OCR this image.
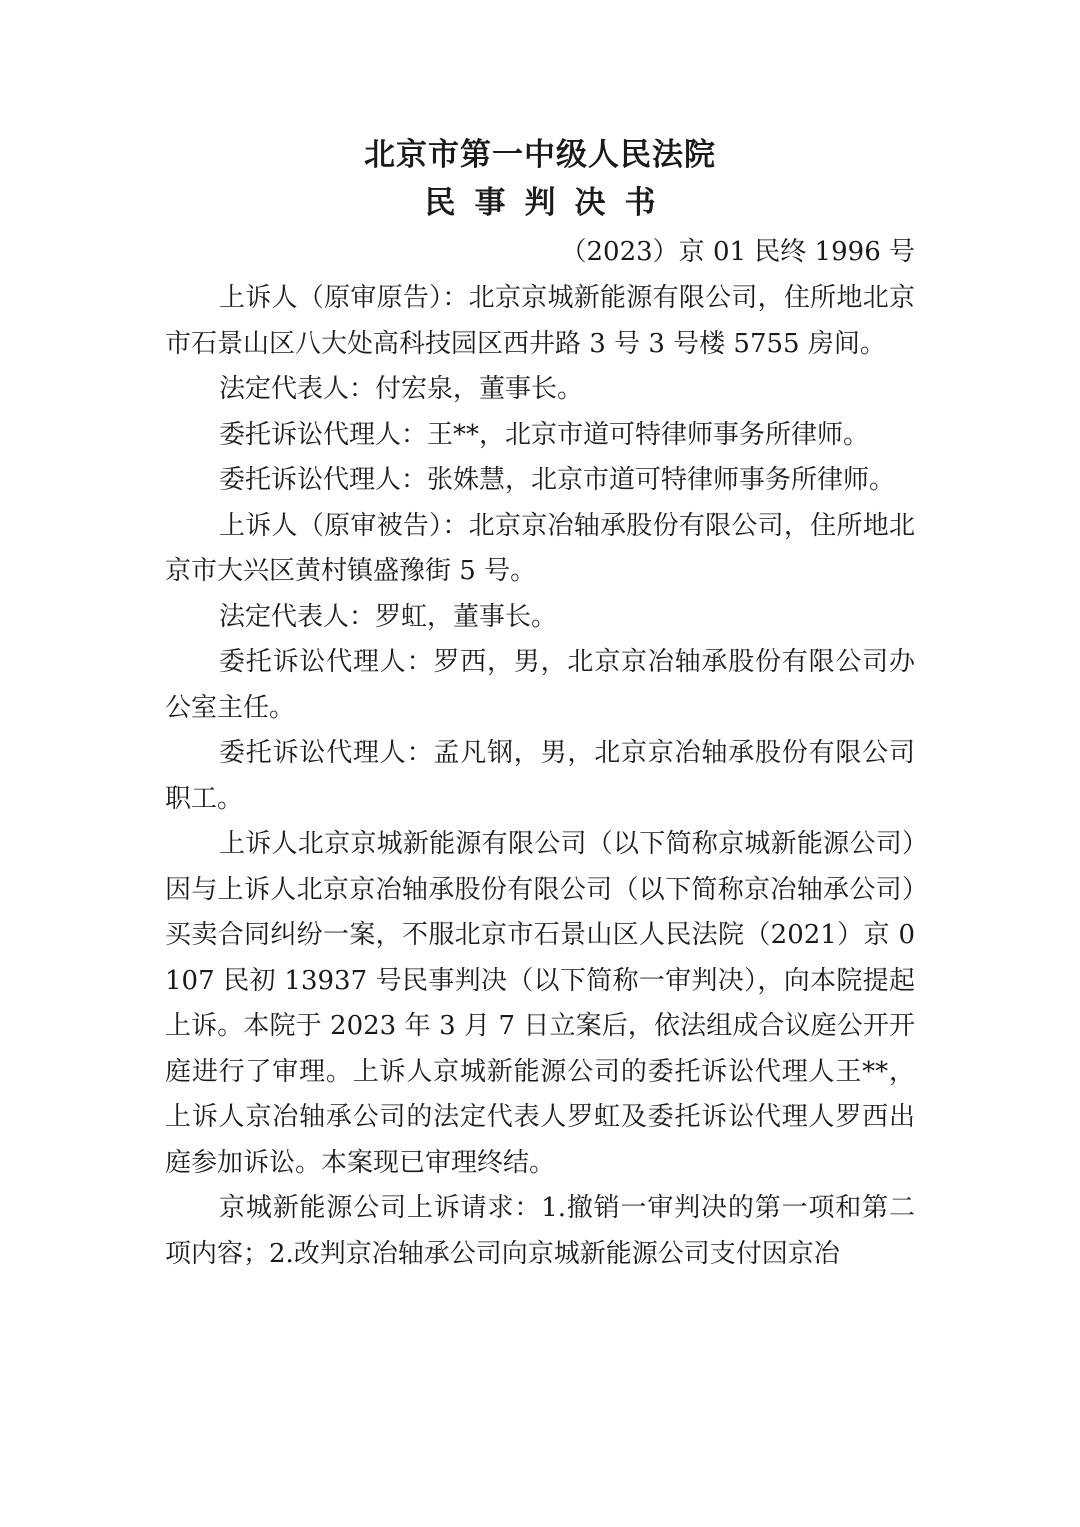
北京市第一中级人民法院
民事判决书
（2023）京 01 民终 1996 号

上诉人（原审原告）：北京京城新能源有限公司，住所地北京市石景山区八大处高科技园区西井路 3 号 3 号楼 5755 房间。

法定代表人：付宏泉，董事长。

委托诉讼代理人：王**，北京市道可特律师事务所律师。

委托诉讼代理人：张姝慧，北京市道可特律师事务所律师。

上诉人（原审被告）：北京京冶轴承股份有限公司，住所地北京市大兴区黄村镇盛豫街 5 号。

法定代表人：罗虹，董事长。

委托诉讼代理人：罗西，男，北京京冶轴承股份有限公司办公室主任。

委托诉讼代理人：孟凡钢，男，北京京冶轴承股份有限公司职工。

上诉人北京京城新能源有限公司（以下简称京城新能源公司）因与上诉人北京京冶轴承股份有限公司（以下简称京冶轴承公司）买卖合同纠纷一案，不服北京市石景山区人民法院（2021）京 0107 民初 13937 号民事判决（以下简称一审判决），向本院提起上诉。本院于 2023 年 3 月 7 日立案后，依法组成合议庭公开开庭进行了审理。上诉人京城新能源公司的委托诉讼代理人王**，上诉人京冶轴承公司的法定代表人罗虹及委托诉讼代理人罗西出庭参加诉讼。本案现已审理终结。

京城新能源公司上诉请求：1.撤销一审判决的第一项和第二项内容；2.改判京冶轴承公司向京城新能源公司支付因京冶
